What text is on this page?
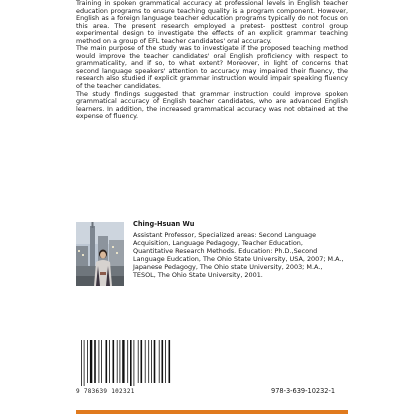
Training in spoken grammatical accuracy at professional levels in English teacher education programs to ensure teaching quality is a program component. However, English as a foreign language teacher education programs typically do not focus on this area. The present research employed a pretest- posttest control group experimental design to investigate the effects of an explicit grammar teaching method on a group of EFL teacher candidates' oral accuracy.

The main purpose of the study was to investigate if the proposed teaching method would improve the teacher candidates' oral English proficiency with respect to grammaticality, and if so, to what extent? Moreover, in light of concerns that second language speakers' attention to accuracy may impaired their fluency, the research also studied if explicit grammar instruction would impair speaking fluency of the teacher candidates.

The study findings suggested that grammar instruction could improve spoken grammatical accuracy of English teacher candidates, who are advanced English learners. In addition, the increased grammatical accuracy was not obtained at the expense of fluency.

Ching-Hsuan Wu

Assistant Professor, Specialized areas: Second Language Acquisition, Language Pedagogy, Teacher Education, Quantitative Research Methods. Education: Ph.D.,Second Language Eudcation, The Ohio State University, USA, 2007; M.A., Japanese Pedagogy, The Ohio state University, 2003; M.A., TESOL, The Ohio State University, 2001.

9 783639 102321	978-3-639-10232-1
